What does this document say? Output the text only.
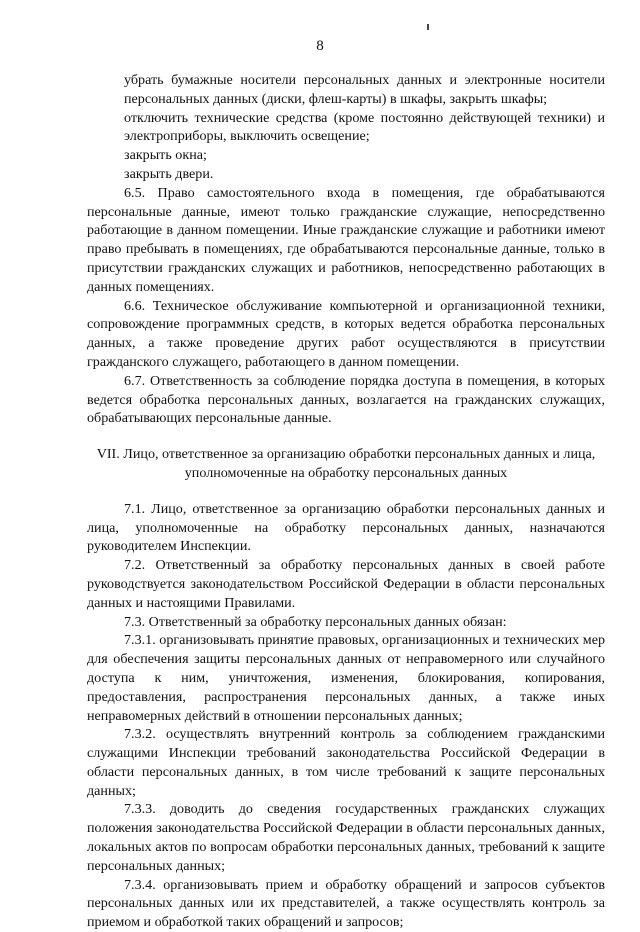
8

убрать бумажные носители персональных данных и электронные носители персональных данных (диски, флеш-карты) в шкафы, закрыть шкафы;

отключить технические средства (кроме постоянно действующей техники) и электроприборы, выключить освещение;

закрыть окна;

закрыть двери.

6.5. Право самостоятельного входа в помещения, где обрабатываются персональные данные, имеют только гражданские служащие, непосредственно работающие в данном помещении. Иные гражданские служащие и работники имеют право пребывать в помещениях, где обрабатываются персональные данные, только в присутствии гражданских служащих и работников, непосредственно работающих в данных помещениях.

6.6. Техническое обслуживание компьютерной и организационной техники, сопровождение программных средств, в которых ведется обработка персональных данных, а также проведение других работ осуществляются в присутствии гражданского служащего, работающего в данном помещении.

6.7. Ответственность за соблюдение порядка доступа в помещения, в которых ведется обработка персональных данных, возлагается на гражданских служащих, обрабатывающих персональные данные.

VII. Лицо, ответственное за организацию обработки персональных данных и лица, уполномоченные на обработку персональных данных

7.1. Лицо, ответственное за организацию обработки персональных данных и лица, уполномоченные на обработку персональных данных, назначаются руководителем Инспекции.

7.2. Ответственный за обработку персональных данных в своей работе руководствуется законодательством Российской Федерации в области персональных данных и настоящими Правилами.

7.3. Ответственный за обработку персональных данных обязан:

7.3.1. организовывать принятие правовых, организационных и технических мер для обеспечения защиты персональных данных от неправомерного или случайного доступа к ним, уничтожения, изменения, блокирования, копирования, предоставления, распространения персональных данных, а также иных неправомерных действий в отношении персональных данных;

7.3.2. осуществлять внутренний контроль за соблюдением гражданскими служащими Инспекции требований законодательства Российской Федерации в области персональных данных, в том числе требований к защите персональных данных;

7.3.3. доводить до сведения государственных гражданских служащих положения законодательства Российской Федерации в области персональных данных, локальных актов по вопросам обработки персональных данных, требований к защите персональных данных;

7.3.4. организовывать прием и обработку обращений и запросов субъектов персональных данных или их представителей, а также осуществлять контроль за приемом и обработкой таких обращений и запросов;
